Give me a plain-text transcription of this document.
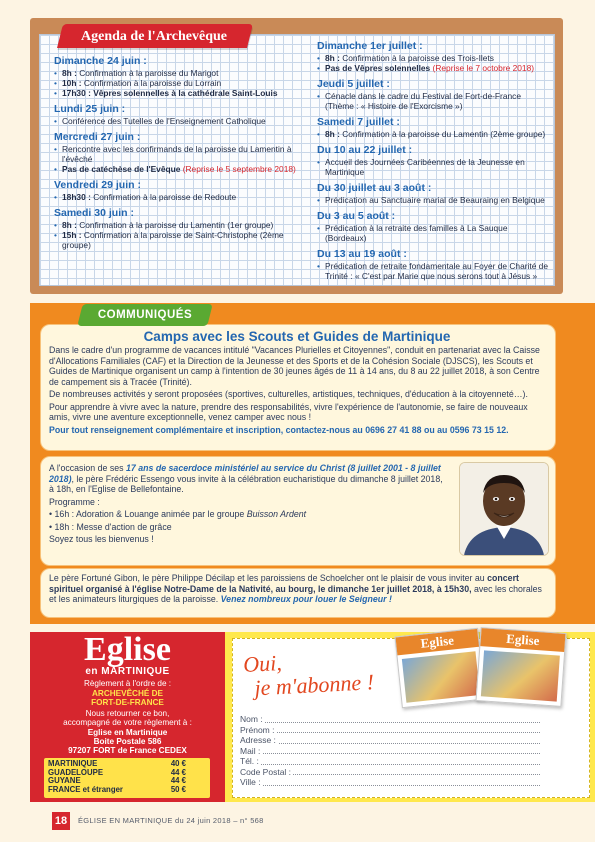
Agenda de l'Archevêque
Dimanche 24 juin :
• 8h : Confirmation à la paroisse du Marigot
• 10h : Confirmation à la paroisse du Lorrain
• 17h30 : Vêpres solennelles à la cathédrale Saint-Louis
Lundi 25 juin :
• Conférence des Tutelles de l'Enseignement Catholique
Mercredi 27 juin :
• Rencontre avec les confirmands de la paroisse du Lamentin à l'évêché
• Pas de catéchèse de l'Evêque (Reprise le 5 septembre 2018)
Vendredi 29 juin :
• 18h30 : Confirmation à la paroisse de Redoute
Samedi 30 juin :
• 8h : Confirmation à la paroisse du Lamentin (1er groupe)
• 15h : Confirmation à la paroisse de Saint-Christophe (2ème groupe)
Dimanche 1er juillet :
• 8h : Confirmation à la paroisse des Trois-Ilets
• Pas de Vêpres solennelles (Reprise le 7 octobre 2018)
Jeudi 5 juillet :
• Cénacle dans le cadre du Festival de Fort-de-France (Thème : « Histoire de l'Exorcisme »)
Samedi 7 juillet :
• 8h : Confirmation à la paroisse du Lamentin (2ème groupe)
Du 10 au 22 juillet :
• Accueil des Journées Caribéennes de la Jeunesse en Martinique
Du 30 juillet au 3 août :
• Prédication au Sanctuaire marial de Beauraing en Belgique
Du 3 au 5 août :
• Prédication à la retraite des familles à La Sauque (Bordeaux)
Du 13 au 19 août :
• Prédication de retraite fondamentale au Foyer de Charité de Trinité : « C'est par Marie que nous serons tout à Jésus »
COMMUNIQUÉS
Camps avec les Scouts et Guides de Martinique

Dans le cadre d'un programme de vacances intitulé "Vacances Plurielles et Citoyennes", conduit en partenariat avec la Caisse d'Allocations Familiales (CAF) et la Direction de la Jeunesse et des Sports et de la Cohésion Sociale (DJSCS), les Scouts et Guides de Martinique organisent un camp à l'intention de 30 jeunes âgés de 11 à 14 ans, du 8 au 22 juillet 2018, à son Centre de campement sis à Tracée (Trinité).

De nombreuses activités y seront proposées (sportives, culturelles, artistiques, techniques, d'éducation à la citoyenneté…).

Pour apprendre à vivre avec la nature, prendre des responsabilités, vivre l'expérience de l'autonomie, se faire de nouveaux amis, vivre une aventure exceptionnelle, venez camper avec nous !

Pour tout renseignement complémentaire et inscription, contactez-nous au 0696 27 41 88 ou au 0596 73 15 12.

A l'occasion de ses 17 ans de sacerdoce ministériel au service du Christ (8 juillet 2001 - 8 juillet 2018), le père Frédéric Essengo vous invite à la célébration eucharistique du dimanche 8 juillet 2018, à 18h, en l'Eglise de Bellefontaine.

Programme :

• 16h : Adoration & Louange animée par le groupe Buisson Ardent

• 18h : Messe d'action de grâce

Soyez tous les bienvenus !

Le père Fortuné Gibon, le père Philippe Décilap et les paroissiens de Schoelcher ont le plaisir de vous inviter au concert spirituel organisé à l'église Notre-Dame de la Nativité, au bourg, le dimanche 1er juillet 2018, à 15h30, avec les chorales et les animateurs liturgiques de la paroisse. Venez nombreux pour louer le Seigneur !

Eglise
en MARTINIQUE
Règlement à l'ordre de :
ARCHEVÊCHÉ DE
FORT-DE-FRANCE
Nous retourner ce bon,
accompagné de votre règlement à :
Eglise en Martinique
Boite Postale 586
97207 FORT de France CEDEX
MARTINIQUE	40 €
GUADELOUPE	44 €
GUYANE	44 €
FRANCE et étranger	50 €
Oui,
je m'abonne !
Eglise	Eglise
Nom :
Prénom :
Adresse :
Mail :
Tél. :
Code Postal :
Ville :
18	ÉGLISE EN MARTINIQUE du 24 juin 2018 – n° 568
